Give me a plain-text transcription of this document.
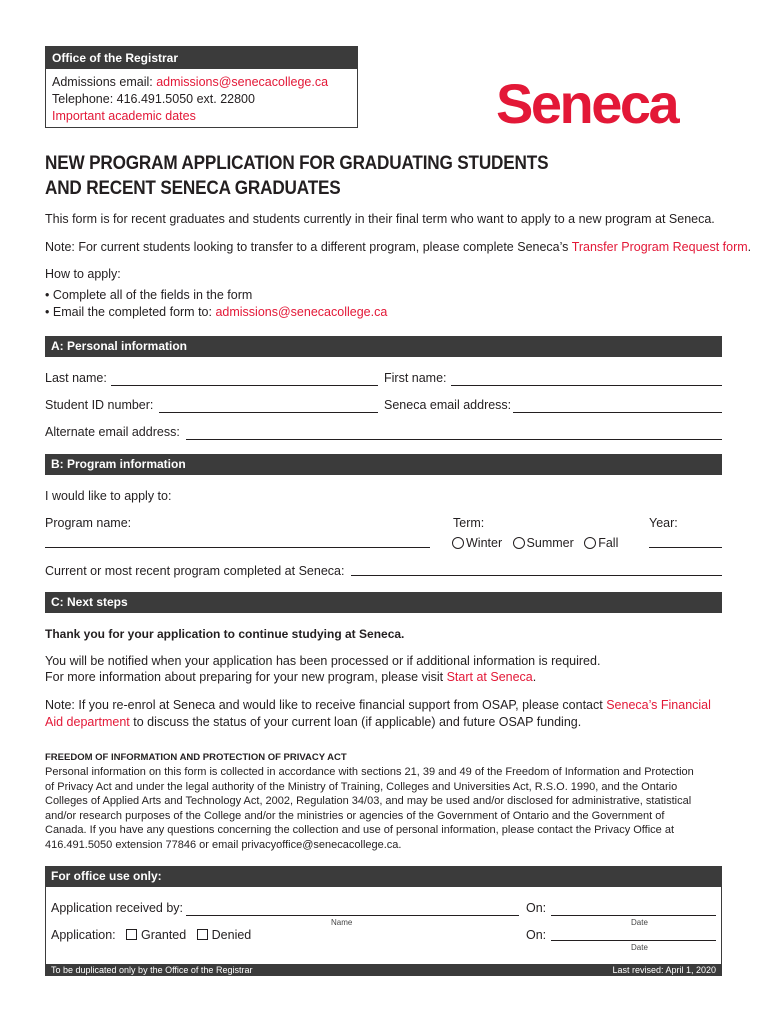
Office of the Registrar
Admissions email: admissions@senecacollege.ca
Telephone: 416.491.5050 ext. 22800
Important academic dates	Seneca
NEW PROGRAM APPLICATION FOR GRADUATING STUDENTS
AND RECENT SENECA GRADUATES
This form is for recent graduates and students currently in their final term who want to apply to a new program at Seneca.
Note: For current students looking to transfer to a different program, please complete Seneca’s Transfer Program Request form.
How to apply:
• Complete all of the fields in the form
• Email the completed form to: admissions@senecacollege.ca
A: Personal information
Last name:	First name:
Student ID number:	Seneca email address:
Alternate email address:
B: Program information
I would like to apply to:
Program name:	Term:
Winter Summer Fall
Year:
Current or most recent program completed at Seneca:
C: Next steps
Thank you for your application to continue studying at Seneca.
You will be notified when your application has been processed or if additional information is required.
For more information about preparing for your new program, please visit Start at Seneca.
Note: If you re-enrol at Seneca and would like to receive financial support from OSAP, please contact Seneca’s Financial
Aid department to discuss the status of your current loan (if applicable) and future OSAP funding.
FREEDOM OF INFORMATION AND PROTECTION OF PRIVACY ACT
Personal information on this form is collected in accordance with sections 21, 39 and 49 of the Freedom of Information and Protection
of Privacy Act and under the legal authority of the Ministry of Training, Colleges and Universities Act, R.S.O. 1990, and the Ontario
Colleges of Applied Arts and Technology Act, 2002, Regulation 34/03, and may be used and/or disclosed for administrative, statistical
and/or research purposes of the College and/or the ministries or agencies of the Government of Ontario and the Government of
Canada. If you have any questions concerning the collection and use of personal information, please contact the Privacy Office at
416.491.5050 extension 77846 or email privacyoffice@senecacollege.ca.
For office use only:
Application received by:
Name
On:
Date
Application: Granted Denied	On:
Date
To be duplicated only by the Office of the Registrar	Last revised: April 1, 2020
